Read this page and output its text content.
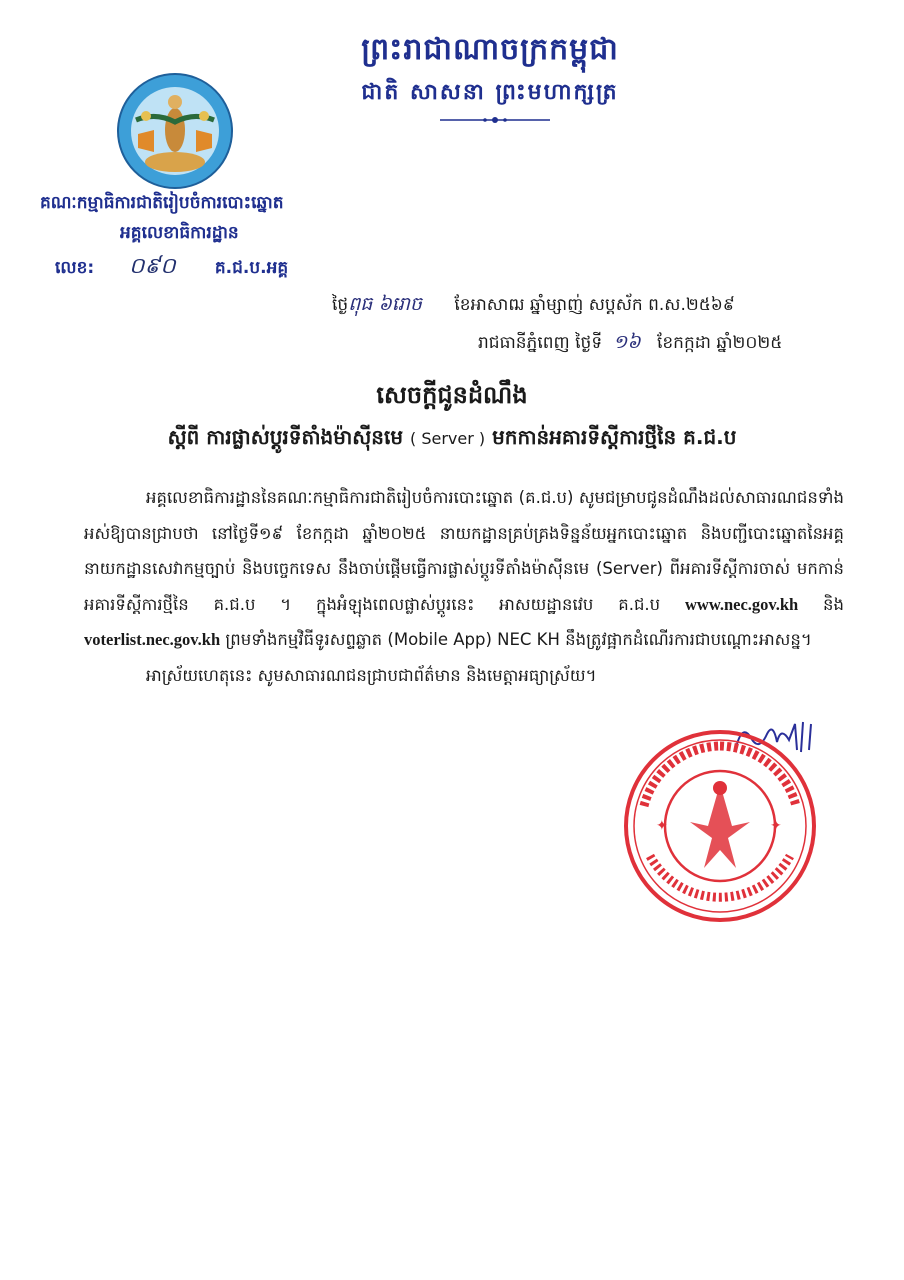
ព្រះរាជាណាចក្រកម្ពុជា
ជាតិ សាសនា ព្រះមហាក្សត្រ
គណៈកម្មាធិការជាតិរៀបចំការបោះឆ្នោត
អគ្គលេខាធិការដ្ឋាន
លេខ: ០៩០ គ.ជ.ប.អគ្គ
ថ្ងៃពុធ ៦រោច ខែអាសាឍ ឆ្នាំម្សាញ់ សប្តស័ក ព.ស.២៥៦៩
រាជធានីភ្នំពេញ ថ្ងៃទី ១៦ ខែកក្កដា ឆ្នាំ២០២៥
សេចក្តីជូនដំណឹង
ស្តីពី ការផ្លាស់ប្តូរទីតាំងម៉ាស៊ីនមេ ( Server ) មកកាន់អគារទីស្តីការថ្មីនៃ គ.ជ.ប

អគ្គលេខាធិការដ្ឋាននៃគណៈកម្មាធិការជាតិរៀបចំការបោះឆ្នោត (គ.ជ.ប) សូមជម្រាបជូនដំណឹងដល់សាធារណជនទាំងអស់ឱ្យបានជ្រាបថា នៅថ្ងៃទី១៩ ខែកក្កដា ឆ្នាំ២០២៥ នាយកដ្ឋានគ្រប់គ្រងទិន្នន័យអ្នកបោះឆ្នោត និងបញ្ជីបោះឆ្នោតនៃអគ្គនាយកដ្ឋានសេវាកម្មច្បាប់ និងបច្ចេកទេស នឹងចាប់ផ្តើមធ្វើការផ្លាស់ប្តូរទីតាំងម៉ាស៊ីនមេ (Server) ពីអគារទីស្តីការចាស់ មកកាន់អគារទីស្តីការថ្មីនៃ គ.ជ.ប ។ ក្នុងអំឡុងពេលផ្លាស់ប្តូរនេះ អាសយដ្ឋានវេប គ.ជ.ប www.nec.gov.kh និង voterlist.nec.gov.kh ព្រមទាំងកម្មវិធីទូរសព្ទឆ្លាត (Mobile App) NEC KH នឹងត្រូវផ្អាកដំណើរការជាបណ្តោះអាសន្ន។

អាស្រ័យហេតុនេះ សូមសាធារណជនជ្រាបជាព័ត៌មាន និងមេត្តាអធ្យាស្រ័យ។

✦	✦
